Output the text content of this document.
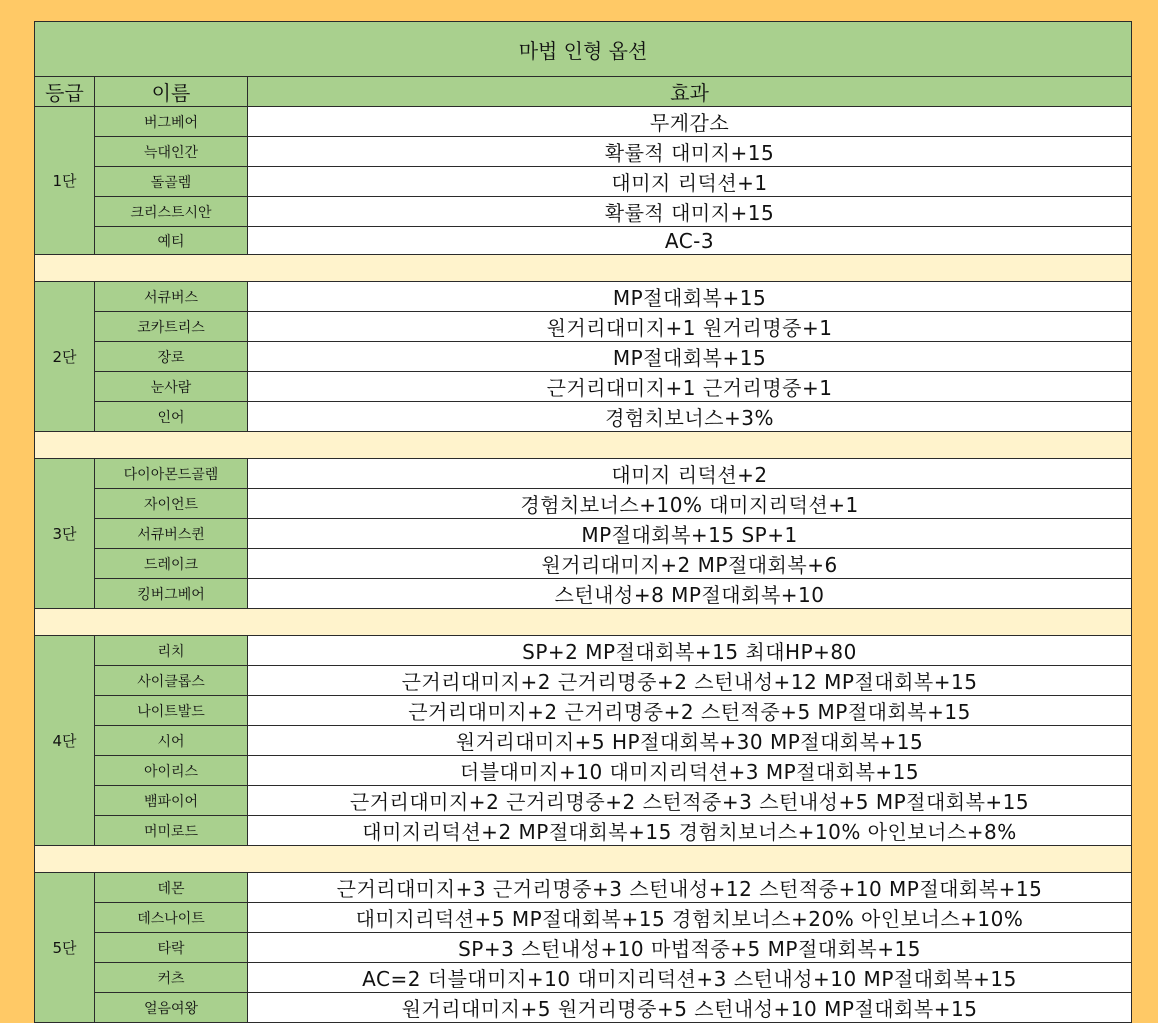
마법 인형 옵션		
등급	이름	효과
1단	버그베어	무게감소
	늑대인간	확률적 대미지+15
	돌골렘	대미지 리덕션+1
	크리스트시안	확률적 대미지+15
	예티	AC-3

2단	서큐버스	MP절대회복+15
	코카트리스	원거리대미지+1 원거리명중+1
	장로	MP절대회복+15
	눈사람	근거리대미지+1 근거리명중+1
	인어	경험치보너스+3%

3단	다이아몬드골렘	대미지 리덕션+2
	자이언트	경험치보너스+10% 대미지리덕션+1
	서큐버스퀸	MP절대회복+15 SP+1
	드레이크	원거리대미지+2 MP절대회복+6
	킹버그베어	스턴내성+8 MP절대회복+10

4단	리치	SP+2 MP절대회복+15 최대HP+80
	사이클롭스	근거리대미지+2 근거리명중+2 스턴내성+12 MP절대회복+15
	나이트발드	근거리대미지+2 근거리명중+2 스턴적중+5 MP절대회복+15
	시어	원거리대미지+5 HP절대회복+30 MP절대회복+15
	아이리스	더블대미지+10 대미지리덕션+3 MP절대회복+15
	뱀파이어	근거리대미지+2 근거리명중+2 스턴적중+3 스턴내성+5 MP절대회복+15
	머미로드	대미지리덕션+2 MP절대회복+15 경험치보너스+10% 아인보너스+8%

5단	데몬	근거리대미지+3 근거리명중+3 스턴내성+12 스턴적중+10 MP절대회복+15
	데스나이트	대미지리덕션+5 MP절대회복+15 경험치보너스+20% 아인보너스+10%
	타락	SP+3 스턴내성+10 마법적중+5 MP절대회복+15
	커츠	AC=2 더블대미지+10 대미지리덕션+3 스턴내성+10 MP절대회복+15
	얼음여왕	원거리대미지+5 원거리명중+5 스턴내성+10 MP절대회복+15
